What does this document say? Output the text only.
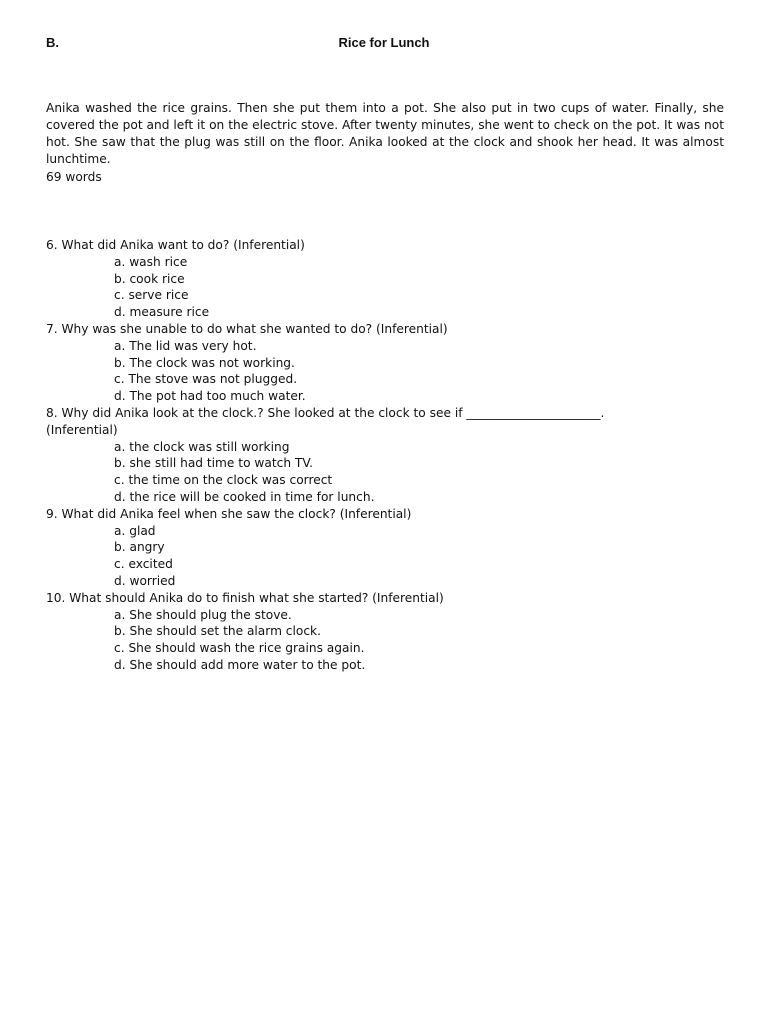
B.	Rice for Lunch

Anika washed the rice grains. Then she put them into a pot. She also put in two cups of water. Finally, she covered the pot and left it on the electric stove. After twenty minutes, she went to check on the pot. It was not hot. She saw that the plug was still on the floor. Anika looked at the clock and shook her head. It was almost lunchtime.

69 words
6. What did Anika want to do? (Inferential)
a. wash rice
b. cook rice
c. serve rice
d. measure rice
7. Why was she unable to do what she wanted to do? (Inferential)
a. The lid was very hot.
b. The clock was not working.
c. The stove was not plugged.
d. The pot had too much water.
8. Why did Anika look at the clock.? She looked at the clock to see if ______________________.
(Inferential)
a. the clock was still working
b. she still had time to watch TV.
c. the time on the clock was correct
d. the rice will be cooked in time for lunch.
9. What did Anika feel when she saw the clock? (Inferential)
a. glad
b. angry
c. excited
d. worried
10. What should Anika do to finish what she started? (Inferential)
a. She should plug the stove.
b. She should set the alarm clock.
c. She should wash the rice grains again.
d. She should add more water to the pot.
